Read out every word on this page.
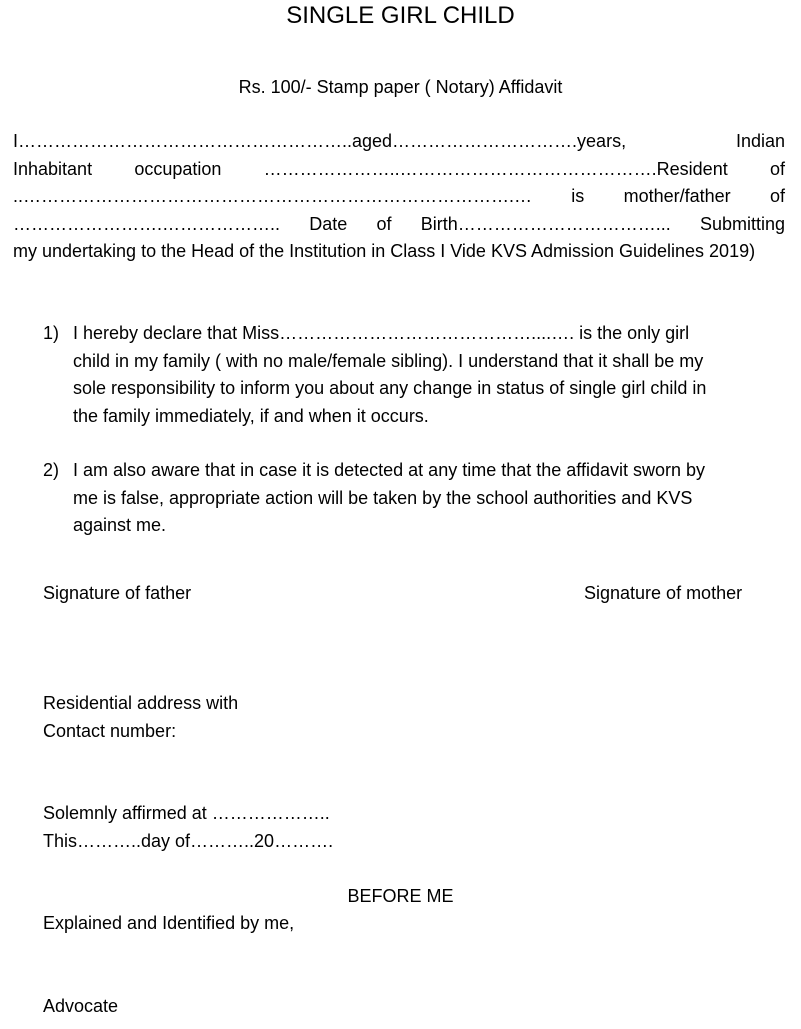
SINGLE GIRL CHILD
Rs. 100/- Stamp paper ( Notary) Affidavit
I………………………………………………..aged………………………….years, Indian
Inhabitant occupation …………………..…………………………………….Resident of
..……………………………………………………………………….… is mother/father of
…………………….……………….. Date of Birth……………………………... Submitting
my undertaking to the Head of the Institution in Class I Vide KVS Admission Guidelines 2019)
1) I hereby declare that Miss……………………………………....…. is the only girl
child in my family ( with no male/female sibling). I understand that it shall be my
sole responsibility to inform you about any change in status of single girl child in
the family immediately, if and when it occurs.
2) I am also aware that in case it is detected at any time that the affidavit sworn by
me is false, appropriate action will be taken by the school authorities and KVS
against me.
Signature of father	Signature of mother
Residential address with
Contact number:
Solemnly affirmed at ………………..
This………..day of………..20……….
BEFORE ME
Explained and Identified by me,
Advocate
